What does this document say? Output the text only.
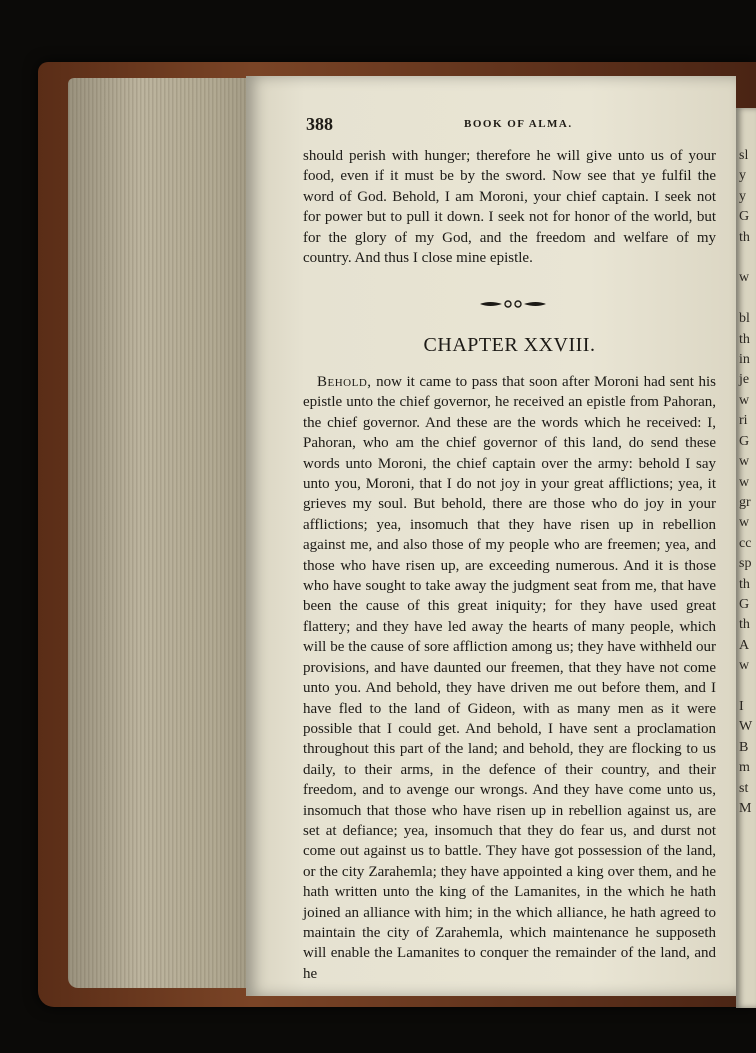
388	BOOK OF ALMA.

should perish with hunger; therefore he will give unto us of your food, even if it must be by the sword. Now see that ye fulfil the word of God. Behold, I am Moroni, your chief captain. I seek not for power but to pull it down. I seek not for honor of the world, but for the glory of my God, and the freedom and welfare of my country. And thus I close mine epistle.

CHAPTER XXVIII.

Behold, now it came to pass that soon after Moroni had sent his epistle unto the chief governor, he received an epistle from Pahoran, the chief governor. And these are the words which he received: I, Pahoran, who am the chief governor of this land, do send these words unto Moroni, the chief captain over the army: behold I say unto you, Moroni, that I do not joy in your great afflictions; yea, it grieves my soul. But behold, there are those who do joy in your afflictions; yea, insomuch that they have risen up in rebellion against me, and also those of my people who are freemen; yea, and those who have risen up, are exceeding numerous. And it is those who have sought to take away the judgment seat from me, that have been the cause of this great iniquity; for they have used great flattery; and they have led away the hearts of many people, which will be the cause of sore affliction among us; they have withheld our provisions, and have daunted our freemen, that they have not come unto you. And behold, they have driven me out before them, and I have fled to the land of Gideon, with as many men as it were possible that I could get. And behold, I have sent a proclamation throughout this part of the land; and behold, they are flocking to us daily, to their arms, in the defence of their country, and their freedom, and to avenge our wrongs. And they have come unto us, insomuch that those who have risen up in rebellion against us, are set at defiance; yea, insomuch that they do fear us, and durst not come out against us to battle. They have got possession of the land, or the city Zarahemla; they have appointed a king over them, and he hath written unto the king of the Lamanites, in the which he hath joined an alliance with him; in the which alliance, he hath agreed to maintain the city of Zarahemla, which maintenance he supposeth will enable the Lamanites to conquer the remainder of the land, and he

sl
y
y
G
th

w

bl
th
in
je
w
ri
G
w
w
gr
w
cc
sp
th
G
th
A
w

I
W
B
m
st
M
